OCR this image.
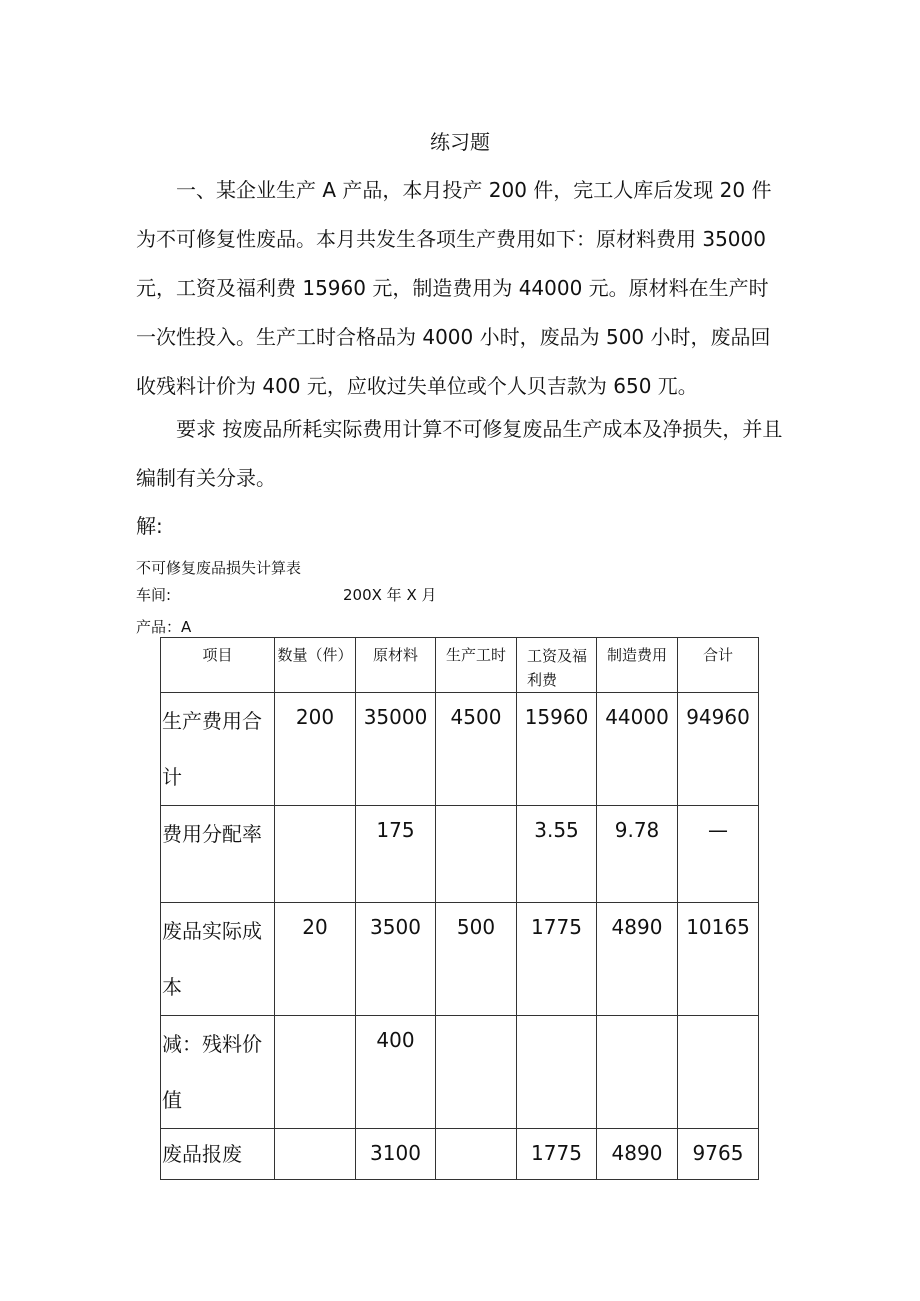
练习题

一、某企业生产 A 产品，本月投产 200 件，完工人库后发现 20 件为不可修复性废品。本月共发生各项生产费用如下：原材料费用 35000 元，工资及福利费 15960 元，制造费用为 44000 元。原材料在生产时一次性投入。生产工时合格品为 4000 小时，废品为 500 小时，废品回收残料计价为 400 元，应收过失单位或个人贝吉款为 650 兀。

要求 按废品所耗实际费用计算不可修复废品生产成本及净损失，并且编制有关分录。

解:
不可修复废品损失计算表
车间:	200X 年 X 月
产品：A
项目	数量（件）	原材料	生产工时	工资及福利费	制造费用	合计
生产费用合计	200	35000	4500	15960	44000	94960
费用分配率		175		3.55	9.78	—
废品实际成本	20	3500	500	1775	4890	10165
减：残料价值		400				
废品报废		3100		1775	4890	9765
